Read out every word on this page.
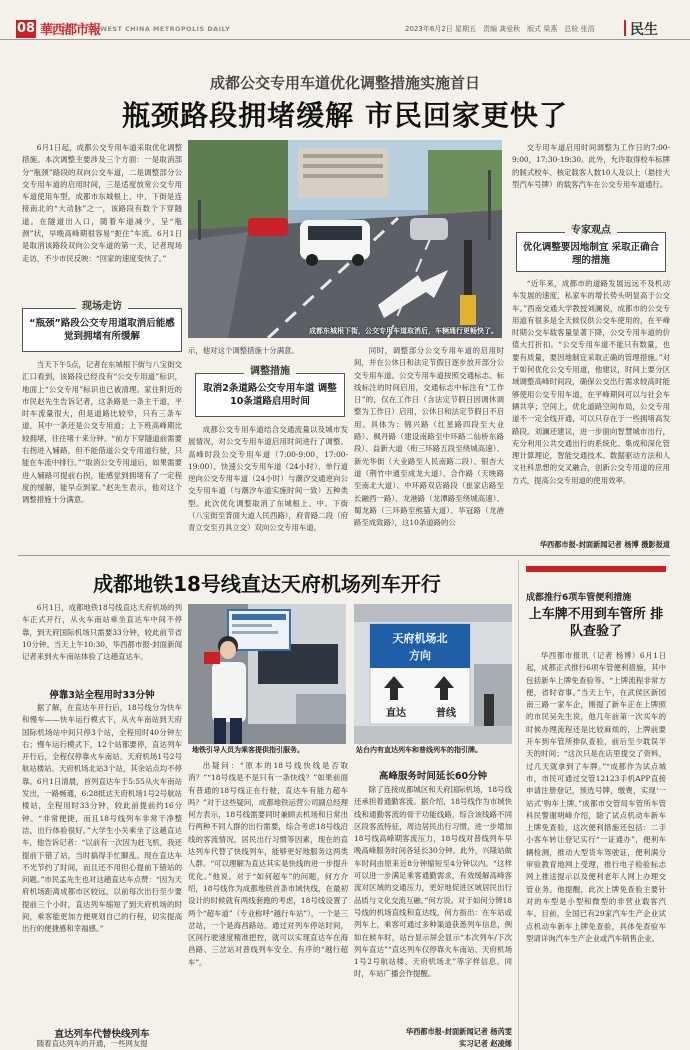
08 華西都市報 WEST CHINA METROPOLIS DAILY	2023年6月2日 星期五　责编 龚爱秋　版式 梁燕　总检 张浩	民生
成都公交专用车道优化调整措施实施首日
瓶颈路段拥堵缓解 市民回家更快了

6月1日起，成都公交专用车道采取优化调整措施。本次调整主要涉及三个方面：一是取消部分“瓶颈”路段的双向公交车道，二是调整部分公交专用车道的启用时间，三是适度放宽公交专用车道使用车型。成都市东城根上、中、下街是连接南北的“大动脉”之一，该路段有数个下穿隧道。在隧道出入口，随着车道减少，呈“瓶颈”状，早晚高峰期很容易“扼住”车流。6月1日是取消该路段双向公交车道的第一天，记者现场走访，不少市民反映：“回家的速度变快了。”

现场走访
“瓶颈”路段公交专用道取消后能感觉到拥堵有所缓解

当天下午5点，记者在东城根下街与八宝街交汇口看到，该路段已经没有“公交专用道”标识，地面上“公交专用”标识也已被清理。家住附近的市民赵先生告诉记者，这条路是一条主干道，平时车流量很大，但是道路比较窄，只有三条车道，其中一条还是公交专用道；上下班高峰期比较拥堵，往往堵十来分钟。“前方下穿隧道前需要右拐进入辅路，但不能借道公交专用道行驶，只能在车流中排行。”“取消公交专用道后，如果需要进入辅路可提前右拐，能感觉到拥堵有了一定程度的缓解，能早点到家。”赵先生表示，他对这个调整措施十分满意。

成都东城根下街，公交专用车道取消后，车辆通行更畅快了。
示，他对这个调整措施十分满意。
调整措施
取消2条道路公交专用车道 调整10条道路启用时间

成都公交专用车道结合交通流量以及城市发展情况，对公交专用车道启用时间进行了调整。高峰时段公交专用车道（7:00-9:00，17:00-19:00）、快速公交专用车道（24小时）、单行道逆向公交专用车道（24小时）与潮汐交通逆向公交专用车道（与潮汐车道实施时间一致）五种类型。此次优化调整取消了东城根上、中、下街（八宝街至背面大道人民西路），府青路二段（府青立交至刃具立交）双向公交专用车道。

同时，调整部分公交专用车道的启用时间，并在公休日和法定节假日逐步放开部分公交专用车道。公交专用车道按照交通标志、标线标注的时间启用，交通标志中标注有“工作日”的，仅在工作日（含法定节假日因调休调整为工作日）启用，公休日和法定节假日不启用。具体为：锦兴路（红星路四段至大业路）、枫丹路（建设南路至中环路二仙桥东路段）、益新大道（衔三环路五段至绕城高速）、新光华街（大业路至人民南路二段）、银杏大道（荆竹中通至成龙大道）、合作路（天映路至南北大道）、中环路双店路段（崔家店路至长融西一路）、龙港路（龙潭路至绕城高速）、蜀龙路（三环路至熊猫大道）、华冠路（龙港路至成致路），这10条道路的公

交专用车道启用时间调整为工作日的7:00-9:00，17:30-19:30。此外，允许取得校车标牌的制式校车、核定载客人数10人及以上（悬挂大型汽车号牌）的载客汽车在公交专用车道通行。

专家观点
优化调整要因地制宜 采取正确合理的措施

“近年来，成都市的道路发展远远不及机动车发展的速度，私家车的增长势头明显高于公交车。”西南交通大学教授刘澜说，成都市的公交专用道有很多是全天候仅供公交车使用的，在平峰时期公交车载客量显著下降，公交专用车道的价值大打折扣。“公交专用车道不能只有数量，也要有质量，要因地制宜采取正确的管理措施。”对于如何优化公交专用道，他建议，时间上要分区域调整高峰时间段，确保公交出行需求较高时能够使用公交专用车道，在平峰期间可以与社会车辆共享；空间上，优化道路空间布局，公交专用道不一定全线开通，可以只存在于一些拥堵高发路段。刘澜还建议，进一步面向智慧城市出行，充分利用公共交通出行的系统化、集成和深化管理计算理论，智能交通技术、数据驱动方法和人文社科思想的交叉融合，创新公交专用道的应用方式，提高公交专用道的使用效率。

华西都市报-封面新闻记者 杨博 摄影报道
成都地铁18号线直达天府机场列车开行

6月1日，成都地铁18号线直达天府机场的列车正式开行，从火车南站乘坐直达车中间不停靠，到天府国际机场只需要33分钟，较此前节省10分钟。当天上午10:30，华西都市报·封面新闻记者来到火车南站体验了这趟直达车。

停靠3站全程用时33分钟

据了解，在直达车开行后，18号线分为快车和慢车——快车运行模式下，从火车南站到天府国际机场站中间只停3个站，全程用时40分钟左右；慢车运行模式下，12个站都要停，直达列车开行后，全程仅停靠火车南站、天府机场1号2号航站楼站、天府机场北站3个站，其余站点均不停靠。6月1日清晨，首列直达车于5:55从火车南站发出，一路畅通，6:28抵达天府机场1号2号航站楼站，全程用时33分钟，较此前提前约16分钟。“非常便捷，而且18号线列车非常干净整洁，出行体验很好。”大学生小关乘坐了这趟直达车，他告诉记者：“以前有一次因为赶飞机，我还提前下错了站，当时搞得手忙脚乱。现在直达车不光节约了时间，而且还不用担心提前下错站的问题。”市民孟先生也对这趟直达车点赞：“因为天府机场距离成都市区较远，以前每次出行至少要提前三个小时，直达列车缩短了到天府机场的时间，乘客能更加方便规划自己的行程，切实提高出行的便捷感和幸福感。”

直达列车代替快线列车

随着直达列车的开通，一些网友提

地铁引导人员为乘客提供指引服务。
天府机场北
方向
直达	普线
站台内有直达列车和普线列车的指引牌。

出疑问：“原本的18号线快线是否取消？”“18号线是不是只有一条快线？”如果前面有普通的18号线正在行驶，直达车有能力超车吗？”对于这些疑问，成都地铁运营公司副总经理何方表示，18号线需要同时兼顾去机场和日常出行两种不同人群的出行需要，综合考虑18号线沿线的客流情况，居民出行习惯等因素，现在的直达列车代替了快线列车，能够更好地服务这两类人群。“可以理解为直达其实是快线的进一步提升优化。”他说。对于“如何超车”的问题，何方介绍，18号线作为成都地铁首条市域快线，在最初设计的时候就有两线套跑的考虑，18号线设置了两个“超车道”（专业称呼“越行车站”），一个是三岔站，一个是海昌路站。通过对列车停站时间，区间行驶速度精准把控，就可以实现直达车在海昌路、三岔站对普线列车安全、有序的“越行超车”。

高峰服务时间延长60分钟

除了连接成都城区和天府国际机场，18号线还承担着通勤客流。据介绍，18号线作为市域快线和通勤客流的骨干功能线路，综合该线路不同区段客流特征，周边居民出行习惯，进一步增加18号线高峰期客流压力，18号线对普线列车早晚高峰服务时间各延长30分钟。此外，兴隆站做车时间由原来近8分钟缩短至4分钟以内。“这样可以进一步满足乘客通勤需求，有效缓解高峰客流对区域的交通压力，更好地促进区域居民出行品质与文化交流互融。”何方说。对于如何分辨18号线的机场直线和直达线，何方指出：在车站或列车上，乘客可通过多种渠道获悉列车信息，例如在候车时，站台显示屏会显示“本次列车/下次列车直达”“直达列车仅停靠火车南站、天府机场1号2号航站楼、天府机场北”等字样信息。同时，车站广播会作提醒。

华西都市报-封面新闻记者 杨芮雯
实习记者 赵凌烯
成都推行6项车管便利措施
上车牌不用到车管所 排队查验了

华西都市报讯（记者 杨博）6月1日起，成都正式推行6项车管便利措施，其中包括新车上牌免查验等。“上牌流程非常方便，省时省事。”当天上午，在武侯区新园南三路一家车企，刚提了新车正在上牌照的市民吴先生说，他几年前第一次买车的时候办理流程还是比较麻烦的，上牌前要开车到车管所排队查验，前后至少耽误半天的时间；“这次只是在店里提交了资料，过几天就拿到了车牌。”“成都作为试点城市，市民可通过交管12123手机APP直接申请注册登记，预选号牌，缴费，实现‘一站式’购车上牌。”成都市交管局车管所车管科民警谢明峰介绍，除了试点机动车新车上牌免查验，这次便利措施还包括：二手小客车转让登记实行“一证通办”，便利车辆检测，推动大型货车驾驶证，便利满分审验教育地网上受理，推行电子检验标志网上推送提示以及便利老年人网上办理交管业务。他提醒，此次上牌免查验主要针对的车型是小型和微型的非营业载客汽车。目前，全国已有29家汽车生产企业试点机动车新车上牌免查验，具体免查验车型请详询汽车生产企业或汽车销售企业。
